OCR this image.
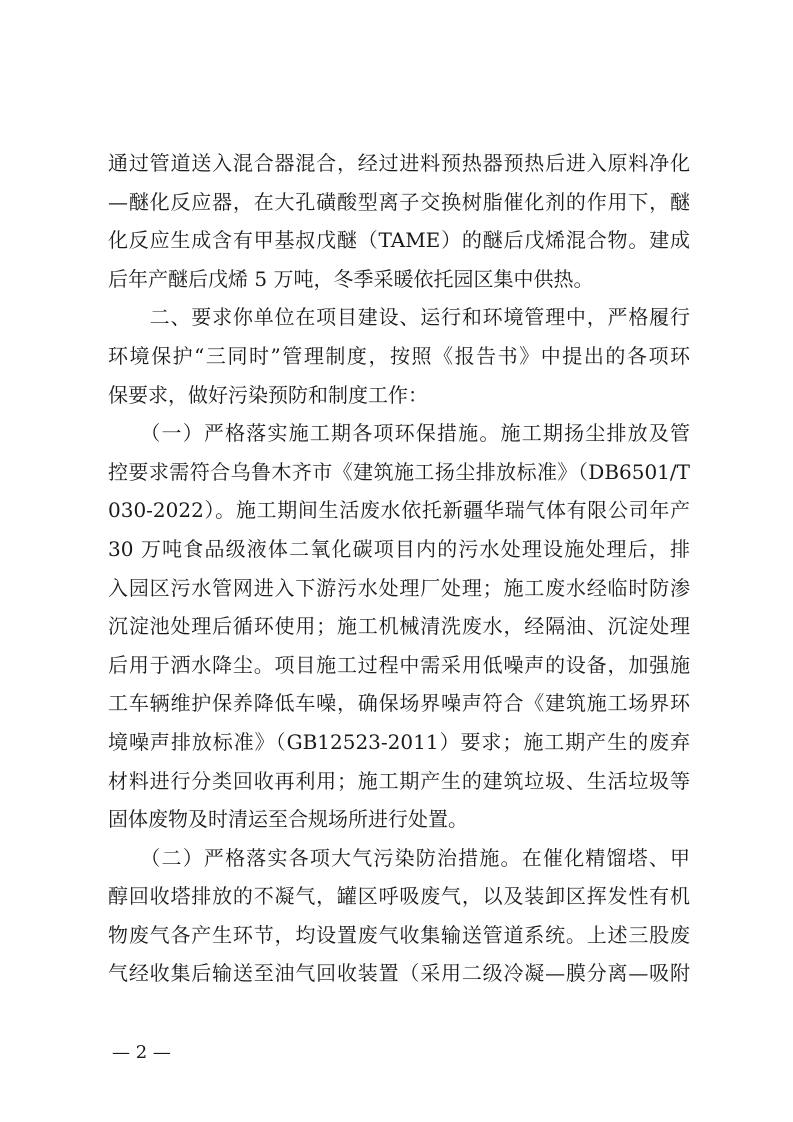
通过管道送入混合器混合，经过进料预热器预热后进入原料净化
—醚化反应器，在大孔磺酸型离子交换树脂催化剂的作用下，醚
化反应生成含有甲基叔戊醚（TAME）的醚后戊烯混合物。建成
后年产醚后戊烯 5 万吨，冬季采暖依托园区集中供热。
　　二、要求你单位在项目建设、运行和环境管理中，严格履行
环境保护“三同时”管理制度，按照《报告书》中提出的各项环
保要求，做好污染预防和制度工作：
　　（一）严格落实施工期各项环保措施。施工期扬尘排放及管
控要求需符合乌鲁木齐市《建筑施工扬尘排放标准》（DB6501/T
030-2022）。施工期间生活废水依托新疆华瑞气体有限公司年产
30 万吨食品级液体二氧化碳项目内的污水处理设施处理后，排
入园区污水管网进入下游污水处理厂处理；施工废水经临时防渗
沉淀池处理后循环使用；施工机械清洗废水，经隔油、沉淀处理
后用于洒水降尘。项目施工过程中需采用低噪声的设备，加强施
工车辆维护保养降低车噪，确保场界噪声符合《建筑施工场界环
境噪声排放标准》（GB12523-2011）要求；施工期产生的废弃
材料进行分类回收再利用；施工期产生的建筑垃圾、生活垃圾等
固体废物及时清运至合规场所进行处置。
　　（二）严格落实各项大气污染防治措施。在催化精馏塔、甲
醇回收塔排放的不凝气，罐区呼吸废气，以及装卸区挥发性有机
物废气各产生环节，均设置废气收集输送管道系统。上述三股废
气经收集后输送至油气回收装置（采用二级冷凝—膜分离—吸附
— 2 —
